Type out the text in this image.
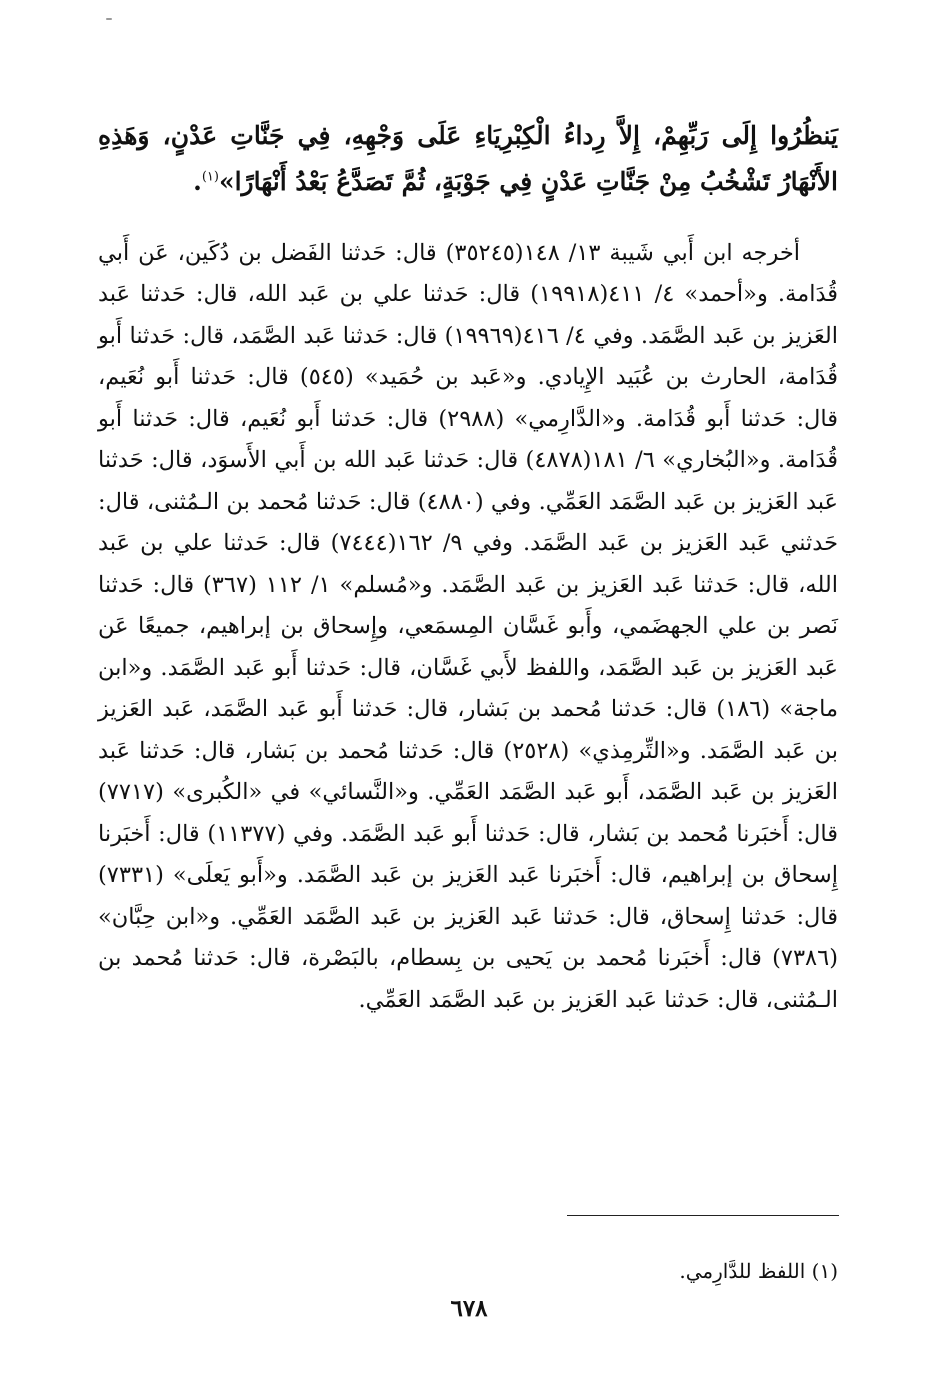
يَنظُرُوا إِلَى رَبِّهِمْ، إِلاَّ رِداءُ الْكِبْرِيَاءِ عَلَى وَجْهِهِ، فِي جَنَّاتِ عَدْنٍ، وَهَذِهِ الأَنْهَارُ تَشْخُبُ مِنْ جَنَّاتِ عَدْنٍ فِي جَوْبَةٍ، ثُمَّ تَصَدَّعُ بَعْدُ أَنْهَارًا»$^{(١)}$.

أخرجه ابن أَبي شَيبة ١٣/ ١٤٨(٣٥٢٤٥) قال: حَدثنا الفَضل بن دُكَين، عَن أَبي قُدَامة. و«أحمد» ٤/ ٤١١(١٩٩١٨) قال: حَدثنا علي بن عَبد الله، قال: حَدثنا عَبد العَزيز بن عَبد الصَّمَد. وفي ٤/ ٤١٦(١٩٩٦٩) قال: حَدثنا عَبد الصَّمَد، قال: حَدثنا أَبو قُدَامة، الحارث بن عُبَيد الإِيادي. و«عَبد بن حُمَيد» (٥٤٥) قال: حَدثنا أَبو نُعَيم، قال: حَدثنا أَبو قُدَامة. و«الدَّارِمي» (٢٩٨٨) قال: حَدثنا أَبو نُعَيم، قال: حَدثنا أَبو قُدَامة. و«البُخاري» ٦/ ١٨١(٤٨٧٨) قال: حَدثنا عَبد الله بن أَبي الأَسوَد، قال: حَدثنا عَبد العَزيز بن عَبد الصَّمَد العَمِّي. وفي (٤٨٨٠) قال: حَدثنا مُحمد بن الـمُثنى، قال: حَدثني عَبد العَزيز بن عَبد الصَّمَد. وفي ٩/ ١٦٢(٧٤٤٤) قال: حَدثنا علي بن عَبد الله، قال: حَدثنا عَبد العَزيز بن عَبد الصَّمَد. و«مُسلم» ١/ ١١٢ (٣٦٧) قال: حَدثنا نَصر بن علي الجهضَمي، وأَبو غَسَّان المِسمَعي، وإِسحاق بن إبراهيم، جميعًا عَن عَبد العَزيز بن عَبد الصَّمَد، واللفظ لأَبي غَسَّان، قال: حَدثنا أَبو عَبد الصَّمَد. و«ابن ماجة» (١٨٦) قال: حَدثنا مُحمد بن بَشار، قال: حَدثنا أَبو عَبد الصَّمَد، عَبد العَزيز بن عَبد الصَّمَد. و«التِّرمِذي» (٢٥٢٨) قال: حَدثنا مُحمد بن بَشار، قال: حَدثنا عَبد العَزيز بن عَبد الصَّمَد، أَبو عَبد الصَّمَد العَمِّي. و«النَّسائي» في «الكُبرى» (٧٧١٧) قال: أَخبَرنا مُحمد بن بَشار، قال: حَدثنا أَبو عَبد الصَّمَد. وفي (١١٣٧٧) قال: أَخبَرنا إِسحاق بن إبراهيم، قال: أَخبَرنا عَبد العَزيز بن عَبد الصَّمَد. و«أَبو يَعلَى» (٧٣٣١) قال: حَدثنا إِسحاق، قال: حَدثنا عَبد العَزيز بن عَبد الصَّمَد العَمِّي. و«ابن حِبَّان» (٧٣٨٦) قال: أَخبَرنا مُحمد بن يَحيى بن بِسطام، بالبَصْرة، قال: حَدثنا مُحمد بن الـمُثنى، قال: حَدثنا عَبد العَزيز بن عَبد الصَّمَد العَمِّي.

(١) اللفظ للدَّارِمي.

٦٧٨
